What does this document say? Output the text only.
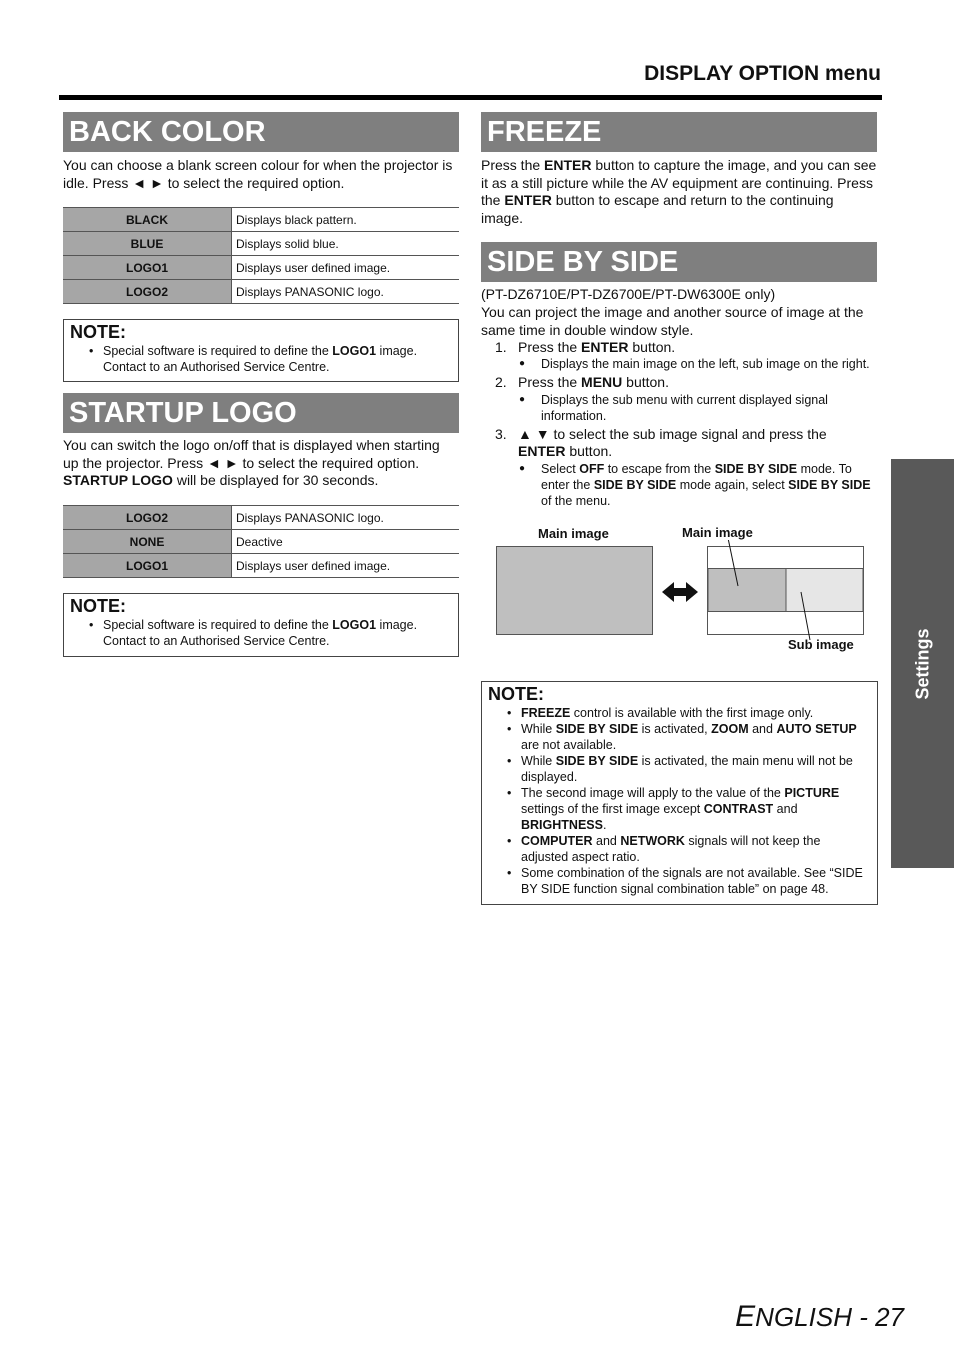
DISPLAY OPTION menu
BACK COLOR
You can choose a blank screen colour for when the projector is idle. Press ◄ ► to select the required option.
BLACK	Displays black pattern.
BLUE	Displays solid blue.
LOGO1	Displays user defined image.
LOGO2	Displays PANASONIC logo.
NOTE:
• Special software is required to define the LOGO1 image. Contact to an Authorised Service Centre.
STARTUP LOGO
You can switch the logo on/off that is displayed when starting up the projector. Press ◄ ► to select the required option. STARTUP LOGO will be displayed for 30 seconds.
LOGO2	Displays PANASONIC logo.
NONE	Deactive
LOGO1	Displays user defined image.
NOTE:
• Special software is required to define the LOGO1 image. Contact to an Authorised Service Centre.
FREEZE
Press the ENTER button to capture the image, and you can see it as a still picture while the AV equipment are continuing. Press the ENTER button to escape and return to the continuing image.
SIDE BY SIDE
(PT-DZ6710E/PT-DZ6700E/PT-DW6300E only)
You can project the image and another source of image at the same time in double window style.
1. Press the ENTER button.
● Displays the main image on the left, sub image on the right.
2. Press the MENU button.
● Displays the sub menu with current displayed signal information.
3. ▲ ▼ to select the sub image signal and press the ENTER button.
● Select OFF to escape from the SIDE BY SIDE mode. To enter the SIDE BY SIDE mode again, select SIDE BY SIDE of the menu.
Main image	Main image
Sub image
NOTE:
• FREEZE control is available with the first image only.
• While SIDE BY SIDE is activated, ZOOM and AUTO SETUP are not available.
• While SIDE BY SIDE is activated, the main menu will not be displayed.
• The second image will apply to the value of the PICTURE settings of the first image except CONTRAST and BRIGHTNESS.
• COMPUTER and NETWORK signals will not keep the adjusted aspect ratio.
• Some combination of the signals are not available. See “SIDE BY SIDE function signal combination table” on page 48.
Settings
ENGLISH - 27
